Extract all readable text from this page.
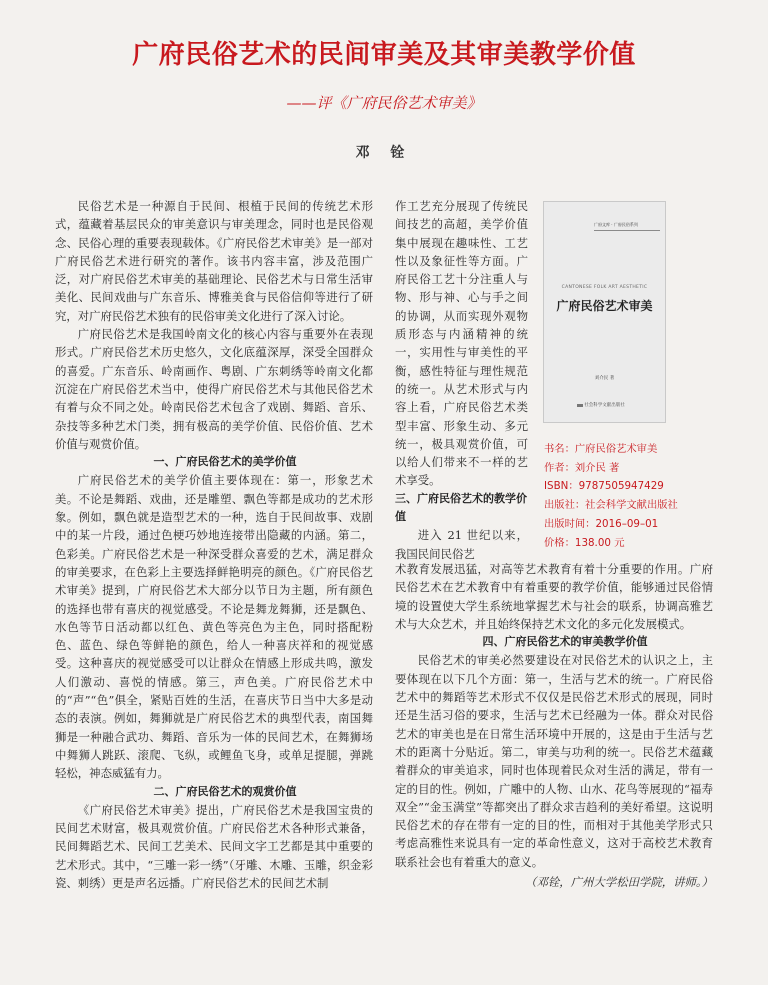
广府民俗艺术的民间审美及其审美教学价值
——评《广府民俗艺术审美》
邓 铨

民俗艺术是一种源自于民间、根植于民间的传统艺术形式，蕴藏着基层民众的审美意识与审美理念，同时也是民俗观念、民俗心理的重要表现载体。《广府民俗艺术审美》是一部对广府民俗艺术进行研究的著作。该书内容丰富，涉及范围广泛，对广府民俗艺术审美的基础理论、民俗艺术与日常生活审美化、民间戏曲与广东音乐、博雅美食与民俗信仰等进行了研究，对广府民俗艺术独有的民俗审美文化进行了深入讨论。

广府民俗艺术是我国岭南文化的核心内容与重要外在表现形式。广府民俗艺术历史悠久，文化底蕴深厚，深受全国群众的喜爱。广东音乐、岭南画作、粤剧、广东刺绣等岭南文化都沉淀在广府民俗艺术当中，使得广府民俗艺术与其他民俗艺术有着与众不同之处。岭南民俗艺术包含了戏剧、舞蹈、音乐、杂技等多种艺术门类，拥有极高的美学价值、民俗价值、艺术价值与观赏价值。

一、广府民俗艺术的美学价值

广府民俗艺术的美学价值主要体现在：第一，形象艺术美。不论是舞蹈、戏曲，还是雕塑、飘色等都是成功的艺术形象。例如，飘色就是造型艺术的一种，选自于民间故事、戏剧中的某一片段，通过色梗巧妙地连接带出隐藏的内涵。第二，色彩美。广府民俗艺术是一种深受群众喜爱的艺术，满足群众的审美要求，在色彩上主要选择鲜艳明亮的颜色。《广府民俗艺术审美》提到，广府民俗艺术大部分以节日为主题，所有颜色的选择也带有喜庆的视觉感受。不论是舞龙舞狮，还是飘色、水色等节日活动都以红色、黄色等亮色为主色，同时搭配粉色、蓝色、绿色等鲜艳的颜色，给人一种喜庆祥和的视觉感受。这种喜庆的视觉感受可以让群众在情感上形成共鸣，激发人们激动、喜悦的情感。第三，声色美。广府民俗艺术中的“声”“色”俱全，紧贴百姓的生活，在喜庆节日当中大多是动态的表演。例如，舞狮就是广府民俗艺术的典型代表，南国舞狮是一种融合武功、舞蹈、音乐为一体的民间艺术，在舞狮场中舞狮人跳跃、滚爬、飞纵，或鲤鱼飞身，或单足提腿，弹跳轻松，神态威猛有力。

二、广府民俗艺术的观赏价值

《广府民俗艺术审美》提出，广府民俗艺术是我国宝贵的民间艺术财富，极具观赏价值。广府民俗艺术各种形式兼备，民间舞蹈艺术、民间工艺美术、民间文字工艺都是其中重要的艺术形式。其中，“三雕一彩一绣”（牙雕、木雕、玉雕，织金彩瓷、刺绣）更是声名远播。广府民俗艺术的民间艺术制

作工艺充分展现了传统民间技艺的高超，美学价值集中展现在趣味性、工艺性以及象征性等方面。广府民俗工艺十分注重人与物、形与神、心与手之间的协调，从而实现外观物质形态与内涵精神的统一，实用性与审美性的平衡，感性特征与理性规范的统一。从艺术形式与内容上看，广府民俗艺术类型丰富、形象生动、多元统一，极具观赏价值，可以给人们带来不一样的艺术享受。

三、广府民俗艺术的教学价值

进入 21 世纪以来，我国民间民俗艺

术教育发展迅猛，对高等艺术教育有着十分重要的作用。广府民俗艺术在艺术教育中有着重要的教学价值，能够通过民俗情境的设置使大学生系统地掌握艺术与社会的联系，协调高雅艺术与大众艺术，并且始终保持艺术文化的多元化发展模式。

四、广府民俗艺术的审美教学价值

民俗艺术的审美必然要建设在对民俗艺术的认识之上，主要体现在以下几个方面：第一，生活与艺术的统一。广府民俗艺术中的舞蹈等艺术形式不仅仅是民俗艺术形式的展现，同时还是生活习俗的要求，生活与艺术已经融为一体。群众对民俗艺术的审美也是在日常生活环境中开展的，这是由于生活与艺术的距离十分贴近。第二，审美与功利的统一。民俗艺术蕴藏着群众的审美追求，同时也体现着民众对生活的满足，带有一定的目的性。例如，广雕中的人物、山水、花鸟等展现的“福寿双全”“金玉满堂”等都突出了群众求吉趋利的美好希望。这说明民俗艺术的存在带有一定的目的性，而相对于其他美学形式只考虑高雅性来说具有一定的革命性意义，这对于高校艺术教育联系社会也有着重大的意义。

（邓铨，广州大学松田学院，讲师。）

广府文库 · 广府民俗系列
CANTONESE FOLK ART AESTHETIC
广府民俗艺术审美
刘介民 著
社会科学文献出版社
书名：广府民俗艺术审美
作者：刘介民 著
ISBN：9787505947429
出版社：社会科学文献出版社
出版时间：2016–09–01
价格：138.00 元
